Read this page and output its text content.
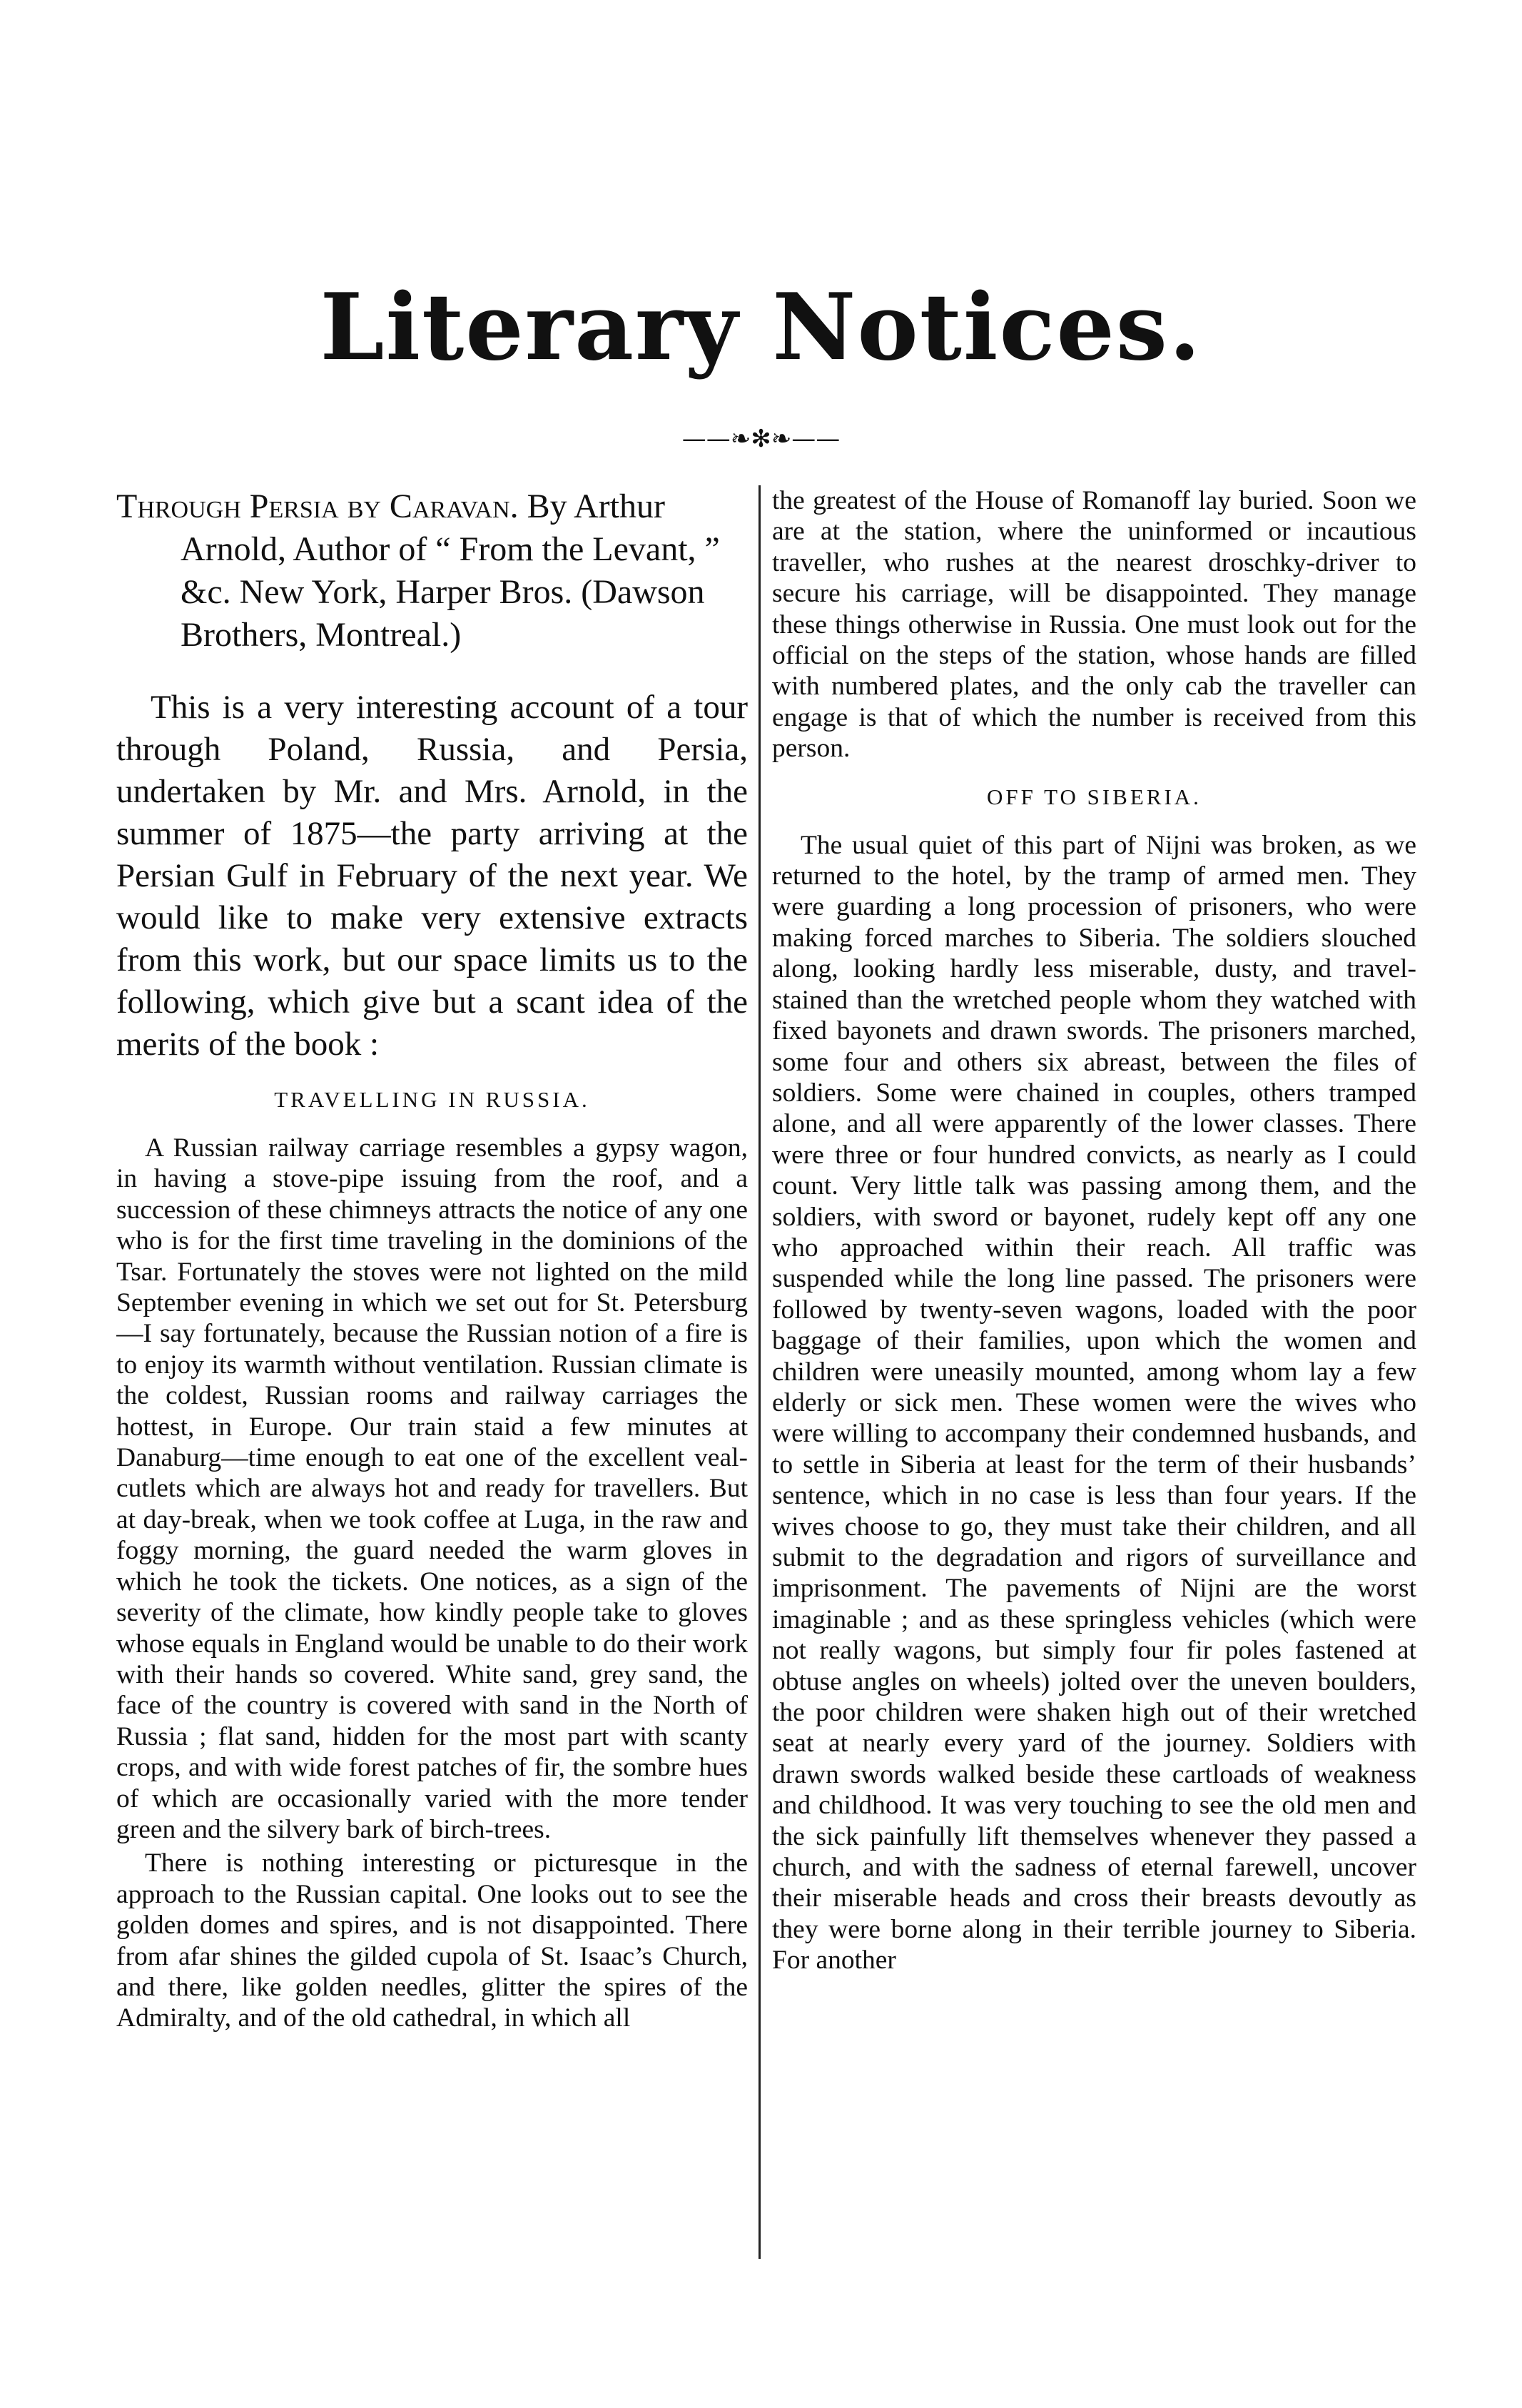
Literary Notices.
——❧✻❧——

Through Persia by Caravan. By Arthur Arnold, Author of “ From the Levant, ” &c. New York, Harper Bros. (Dawson Brothers, Montreal.)

This is a very interesting account of a tour through Poland, Russia, and Persia, undertaken by Mr. and Mrs. Arnold, in the summer of 1875—the party arriving at the Persian Gulf in February of the next year. We would like to make very extensive extracts from this work, but our space limits us to the following, which give but a scant idea of the merits of the book :

TRAVELLING IN RUSSIA.

A Russian railway carriage resembles a gypsy wagon, in having a stove-pipe issuing from the roof, and a succession of these chimneys attracts the notice of any one who is for the first time traveling in the dominions of the Tsar. Fortunately the stoves were not lighted on the mild September evening in which we set out for St. Petersburg—I say fortunately, because the Russian notion of a fire is to enjoy its warmth without ventilation. Russian climate is the coldest, Russian rooms and railway carriages the hottest, in Europe. Our train staid a few minutes at Danaburg—time enough to eat one of the excellent veal-cutlets which are always hot and ready for travellers. But at day-break, when we took coffee at Luga, in the raw and foggy morning, the guard needed the warm gloves in which he took the tickets. One notices, as a sign of the severity of the climate, how kindly people take to gloves whose equals in England would be unable to do their work with their hands so covered. White sand, grey sand, the face of the country is covered with sand in the North of Russia ; flat sand, hidden for the most part with scanty crops, and with wide forest patches of fir, the sombre hues of which are occasionally varied with the more tender green and the silvery bark of birch-trees.

There is nothing interesting or picturesque in the approach to the Russian capital. One looks out to see the golden domes and spires, and is not disappointed. There from afar shines the gilded cupola of St. Isaac’s Church, and there, like golden needles, glitter the spires of the Admiralty, and of the old cathedral, in which all

the greatest of the House of Romanoff lay buried. Soon we are at the station, where the uninformed or incautious traveller, who rushes at the nearest droschky-driver to secure his carriage, will be disappointed. They manage these things otherwise in Russia. One must look out for the official on the steps of the station, whose hands are filled with numbered plates, and the only cab the traveller can engage is that of which the number is received from this person.

OFF TO SIBERIA.

The usual quiet of this part of Nijni was broken, as we returned to the hotel, by the tramp of armed men. They were guarding a long procession of prisoners, who were making forced marches to Siberia. The soldiers slouched along, looking hardly less miserable, dusty, and travel-stained than the wretched people whom they watched with fixed bayonets and drawn swords. The prisoners marched, some four and others six abreast, between the files of soldiers. Some were chained in couples, others tramped alone, and all were apparently of the lower classes. There were three or four hundred convicts, as nearly as I could count. Very little talk was passing among them, and the soldiers, with sword or bayonet, rudely kept off any one who approached within their reach. All traffic was suspended while the long line passed. The prisoners were followed by twenty-seven wagons, loaded with the poor baggage of their families, upon which the women and children were uneasily mounted, among whom lay a few elderly or sick men. These women were the wives who were willing to accompany their condemned husbands, and to settle in Siberia at least for the term of their husbands’ sentence, which in no case is less than four years. If the wives choose to go, they must take their children, and all submit to the degradation and rigors of surveillance and imprisonment. The pavements of Nijni are the worst imaginable ; and as these springless vehicles (which were not really wagons, but simply four fir poles fastened at obtuse angles on wheels) jolted over the uneven boulders, the poor children were shaken high out of their wretched seat at nearly every yard of the journey. Soldiers with drawn swords walked beside these cartloads of weakness and childhood. It was very touching to see the old men and the sick painfully lift themselves whenever they passed a church, and with the sadness of eternal farewell, uncover their miserable heads and cross their breasts devoutly as they were borne along in their terrible journey to Siberia. For another
